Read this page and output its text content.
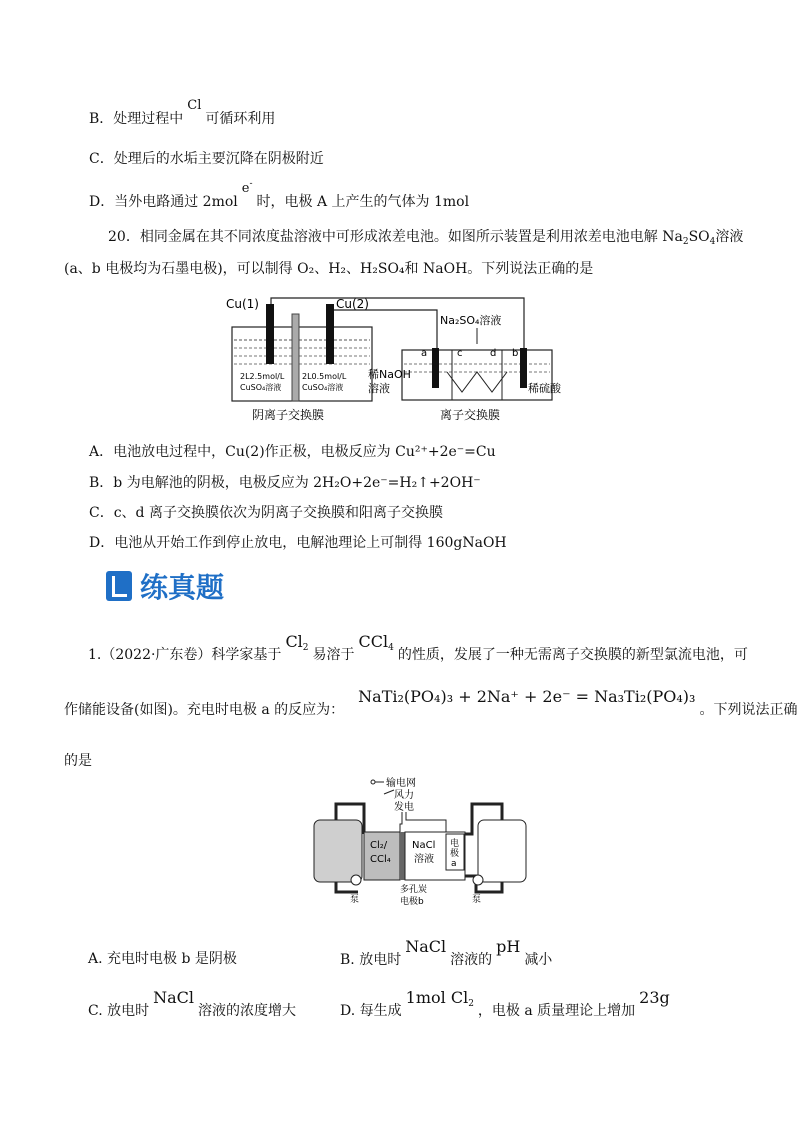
B．处理过程中Cl可循环利用
C．处理后的水垢主要沉降在阴极附近
D．当外电路通过 2mole-时，电极 A 上产生的气体为 1mol
20．相同金属在其不同浓度盐溶液中可形成浓差电池。如图所示装置是利用浓差电池电解 $Na_2SO_4$溶液
(a、b 电极均为石墨电极)，可以制得 O₂、H₂、H₂SO₄和 NaOH。下列说法正确的是
Cu(1)	Cu(2)
2L2.5mol/L
CuSO₄溶液
2L0.5mol/L
CuSO₄溶液
阴离子交换膜
Na₂SO₄溶液
a	c	d b
稀NaOH
溶液	稀硫酸
离子交换膜
A．电池放电过程中，Cu(2)作正极，电极反应为 Cu²⁺+2e⁻=Cu
B．b 为电解池的阴极，电极反应为 2H₂O+2e⁻=H₂↑+2OH⁻
C．c、d 离子交换膜依次为阴离子交换膜和阳离子交换膜
D．电池从开始工作到停止放电，电解池理论上可制得 160gNaOH
练真题
1.（2022·广东卷）科学家基于$Cl_2$ 易溶于CCl$_4$ 的性质，发展了一种无需离子交换膜的新型氯流电池，可
作储能设备(如图)。充电时电极 a 的反应为：NaTi₂(PO₄)₃ + 2Na⁺ + 2e⁻ = Na₃Ti₂(PO₄)₃。下列说法正确
的是
输电网
风力
发电
Cl₂/
CCl₄
NaCl
溶液
电
极
a
多孔炭
电极b
泵	泵
A. 充电时电极 b 是阴极	B. 放电时NaCl溶液的pH减小
C. 放电时NaCl溶液的浓度增大	D. 每生成1mol $Cl_2$ ，电极 a 质量理论上增加23g
